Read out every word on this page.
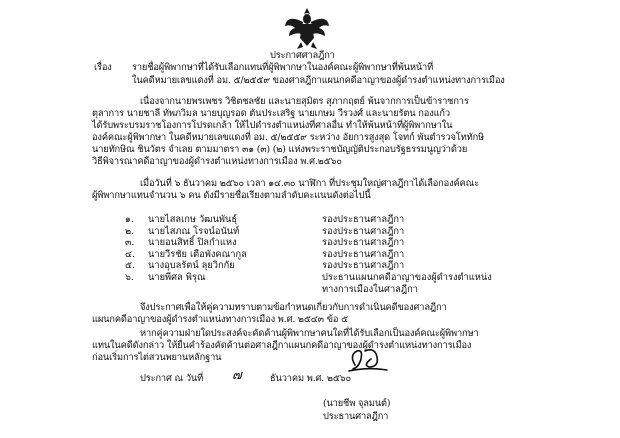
ประกาศศาลฎีกา
เรื่อง รายชื่อผู้พิพากษาที่ได้รับเลือกแทนที่ผู้พิพากษาในองค์คณะผู้พิพากษาที่พ้นหน้าที่
ในคดีหมายเลขแดงที่ อม. ๕/๒๕๕๙ ของศาลฎีกาแผนกคดีอาญาของผู้ดำรงตำแหน่งทางการเมือง
เนื่องจากนายพรเพชร วิชิตชลชัย และนายสุมิตร สุภากฤตย์ พ้นจากการเป็นข้าราชการ
ตุลาการ นายชาลี ทัพภวิมล นายบุญรอด ตันประเสริฐ นายเกษม วีรวงศ์ และนายรัตน กองแก้ว
ได้รับพระบรมราชโองการโปรดเกล้า ให้ไปดำรงตำแหน่งที่ศาลอื่น ทำให้พ้นหน้าที่ผู้พิพากษาใน
องค์คณะผู้พิพากษา ในคดีหมายเลขแดงที่ อม. ๕/๒๕๕๙ ระหว่าง อัยการสูงสุด โจทก์ พันตำรวจโททักษิ
นายทักษิณ ชินวัตร จำเลย ตามมาตรา ๓๑ (๓) (๒) แห่งพระราชบัญญัติประกอบรัฐธรรมนูญว่าด้วย
วิธีพิจารณาคดีอาญาของผู้ดำรงตำแหน่งทางการเมือง พ.ศ.๒๕๖๐
เมื่อวันที่ ๖ ธันวาคม ๒๕๖๐ เวลา ๑๔.๓๐ นาฬิกา ที่ประชุมใหญ่ศาลฎีกาได้เลือกองค์คณะ
ผู้พิพากษาแทนจำนวน ๖ คน ดังมีรายชื่อเรียงตามลำดับคะแนนดังต่อไปนี้
๑. นายไสลเกษ วัฒนพันธุ์	รองประธานศาลฎีกา
๒. นายไสภณ โรจน์อนันท์	รองประธานศาลฎีกา
๓. นายอนสิทธิ์ ปิลกำแหง	รองประธานศาลฎีกา
๔. นายวีรชัย เตือพังคณากูล	รองประธานศาลฎีกา
๕. นางอุบลรัตน์ ลุยวิกกัย	รองประธานศาลฎีกา
๖. นายพีศล พิรุณ	ประธานแผนกคดีอาญาของผู้ดำรงตำแหน่ง
ทางการเมืองในศาลฎีกา
จึงประกาศเพื่อให้คู่ความทราบตามข้อกำหนดเกี่ยวกับการดำเนินคดีของศาลฎีกา
แผนกคดีอาญาของผู้ดำรงตำแหน่งทางการเมือง พ.ศ. ๒๕๔๓ ข้อ ๕
หากคู่ความฝ่ายใดประสงค์จะคัดค้านผู้พิพากษาคนใดที่ได้รับเลือกเป็นองค์คณะผู้พิพากษา
แทนในคดีดังกล่าว ให้ยื่นคำร้องคัดค้านต่อศาลฎีกาแผนกคดีอาญาของผู้ดำรงตำแหน่งทางการเมือง
ก่อนเริ่มการไต่สวนพยานหลักฐาน
ประกาศ ณ วันที่ ๗	ธันวาคม พ.ศ. ๒๕๖๐
(นายชีพ จุลมนต์)
ประธานศาลฎีกา
